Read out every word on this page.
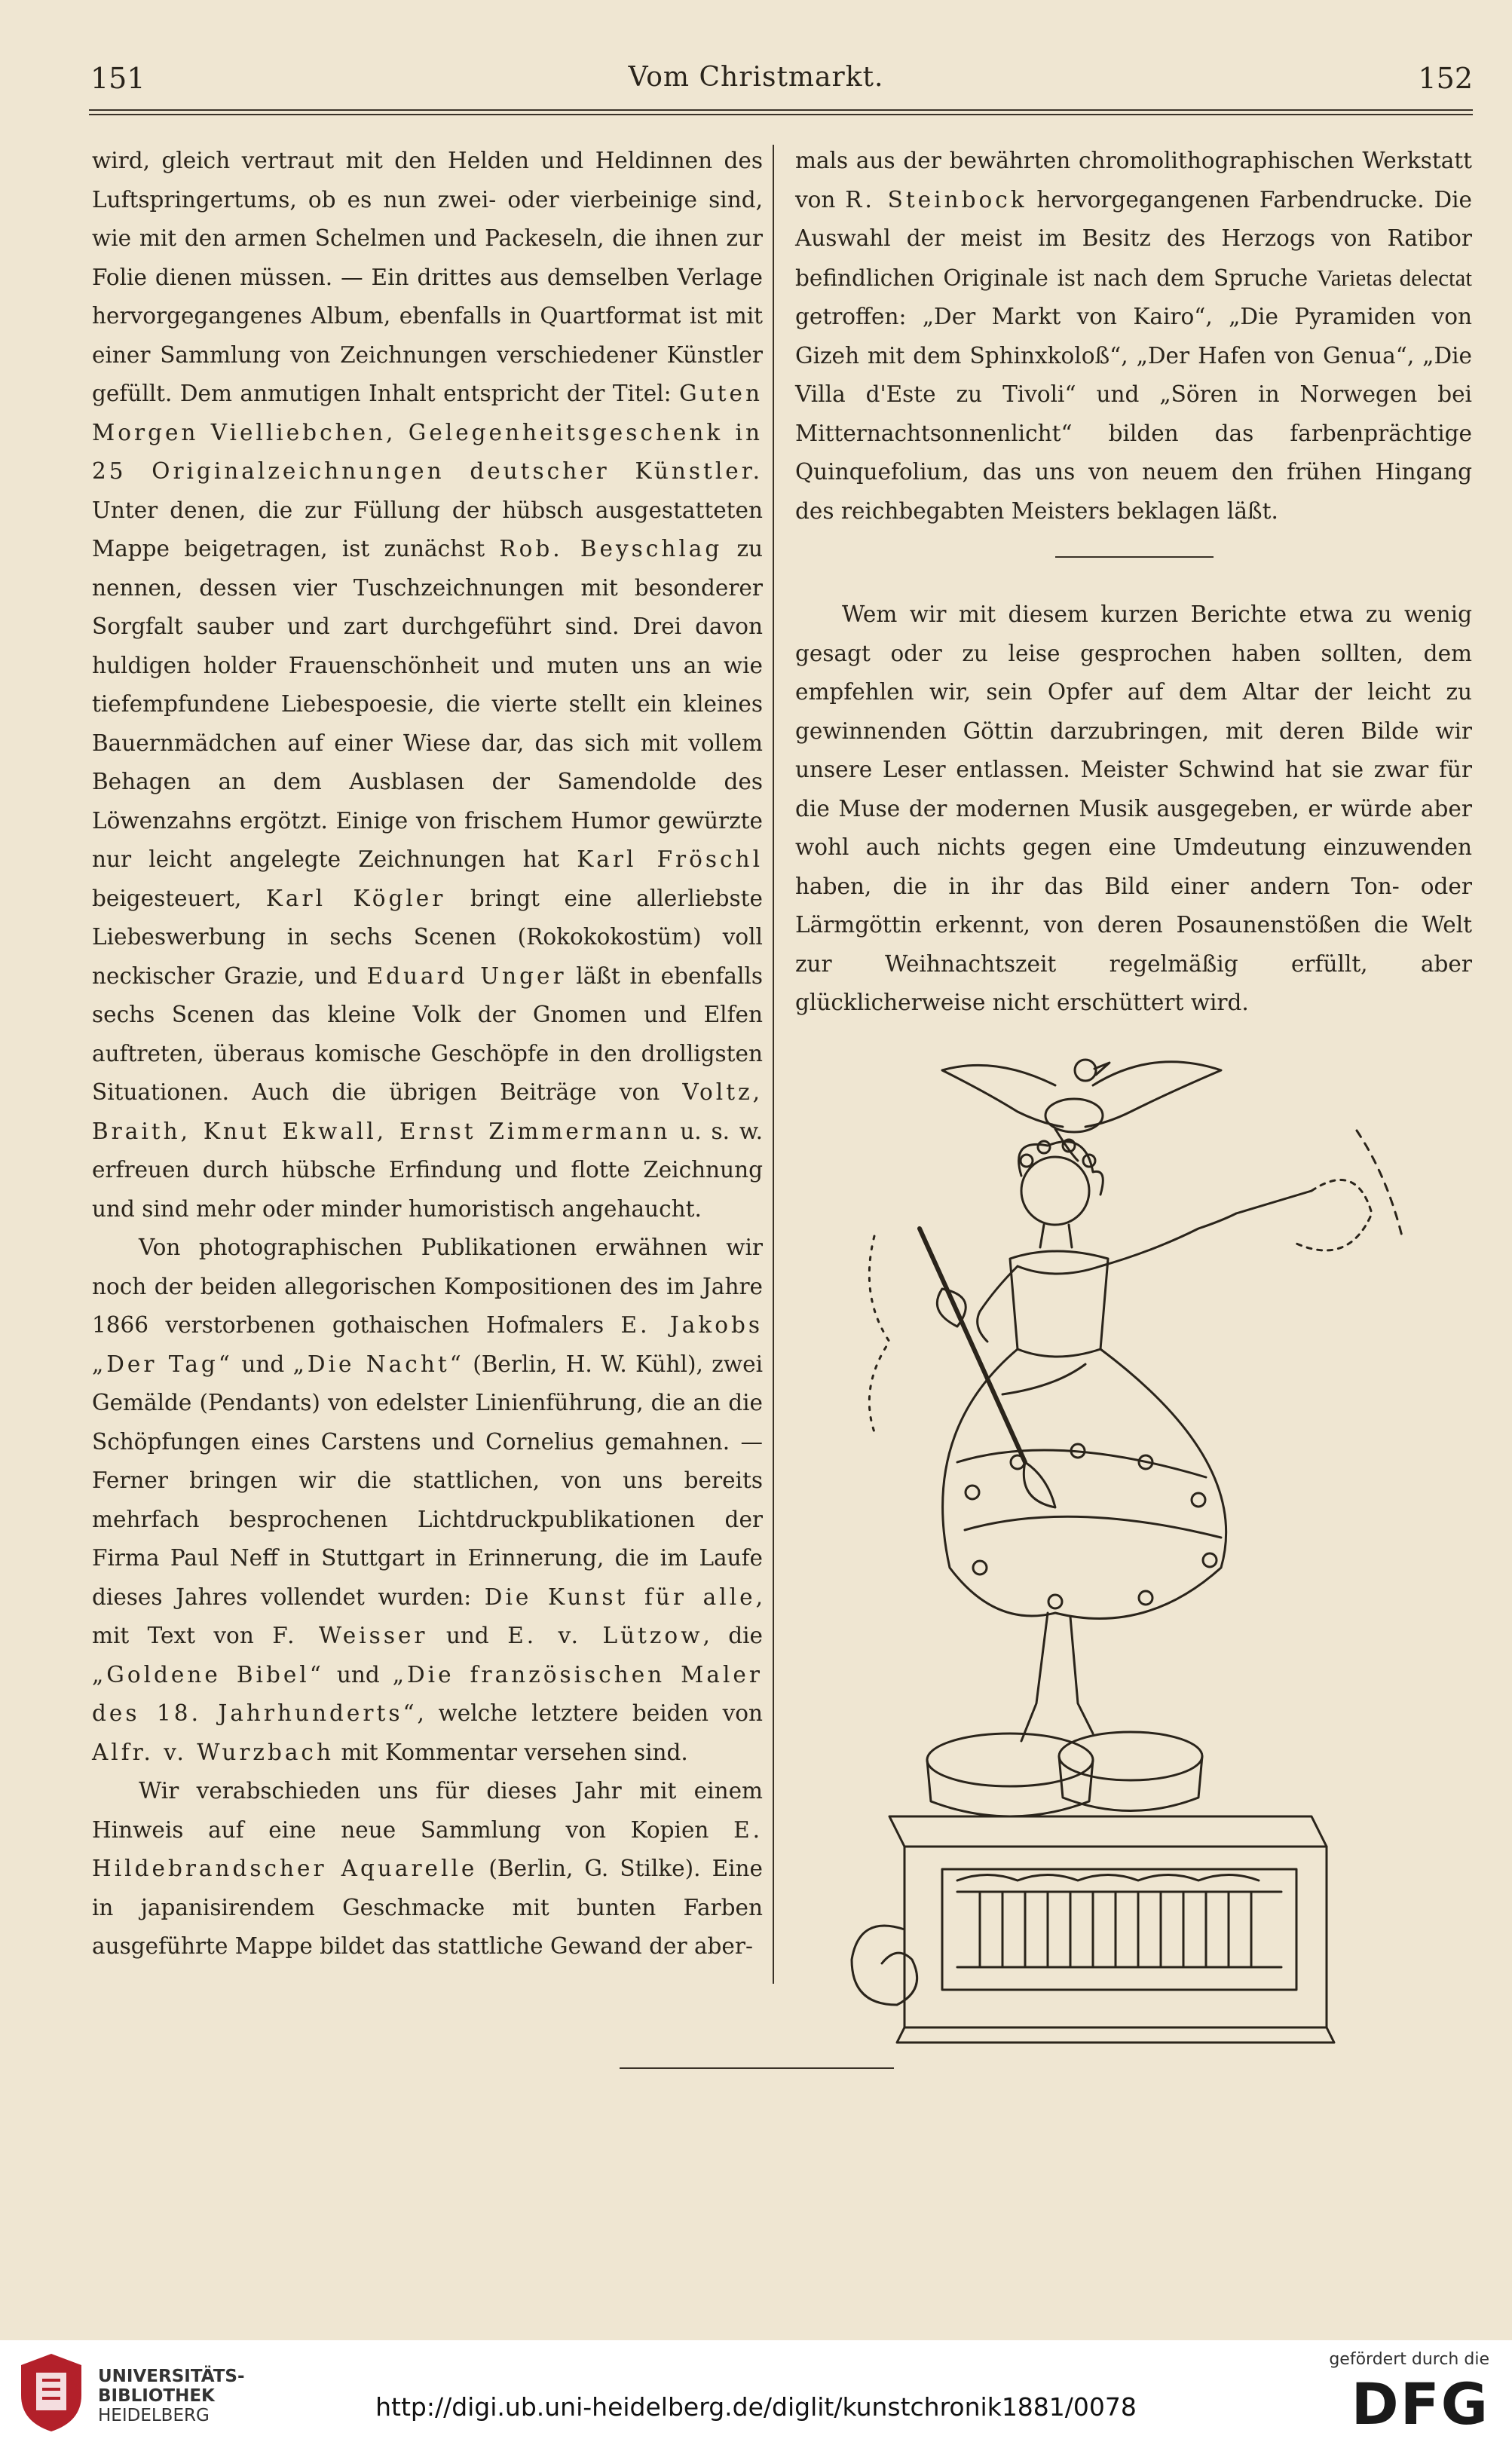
151	Vom Christmarkt.	152

wird, gleich vertraut mit den Helden und Heldinnen des Luftspringertums, ob es nun zwei- oder vierbeinige sind, wie mit den armen Schelmen und Packeseln, die ihnen zur Folie dienen müssen. — Ein drittes aus demselben Verlage hervorgegangenes Album, ebenfalls in Quartformat ist mit einer Sammlung von Zeichnungen verschiedener Künstler gefüllt. Dem anmutigen Inhalt entspricht der Titel: Guten Morgen Vielliebchen, Gelegenheitsgeschenk in 25 Originalzeichnungen deutscher Künstler. Unter denen, die zur Füllung der hübsch ausgestatteten Mappe beigetragen, ist zunächst Rob. Beyschlag zu nennen, dessen vier Tuschzeichnungen mit besonderer Sorgfalt sauber und zart durchgeführt sind. Drei davon huldigen holder Frauenschönheit und muten uns an wie tiefempfundene Liebespoesie, die vierte stellt ein kleines Bauernmädchen auf einer Wiese dar, das sich mit vollem Behagen an dem Ausblasen der Samendolde des Löwenzahns ergötzt. Einige von frischem Humor gewürzte nur leicht angelegte Zeichnungen hat Karl Fröschl beigesteuert, Karl Kögler bringt eine allerliebste Liebeswerbung in sechs Scenen (Rokokokostüm) voll neckischer Grazie, und Eduard Unger läßt in ebenfalls sechs Scenen das kleine Volk der Gnomen und Elfen auftreten, überaus komische Geschöpfe in den drolligsten Situationen. Auch die übrigen Beiträge von Voltz, Braith, Knut Ekwall, Ernst Zimmermann u. s. w. erfreuen durch hübsche Erfindung und flotte Zeichnung und sind mehr oder minder humoristisch angehaucht.

Von photographischen Publikationen erwähnen wir noch der beiden allegorischen Kompositionen des im Jahre 1866 verstorbenen gothaischen Hofmalers E. Jakobs „Der Tag“ und „Die Nacht“ (Berlin, H. W. Kühl), zwei Gemälde (Pendants) von edelster Linienführung, die an die Schöpfungen eines Carstens und Cornelius gemahnen. — Ferner bringen wir die stattlichen, von uns bereits mehrfach besprochenen Lichtdruckpublikationen der Firma Paul Neff in Stuttgart in Erinnerung, die im Laufe dieses Jahres vollendet wurden: Die Kunst für alle, mit Text von F. Weisser und E. v. Lützow, die „Goldene Bibel“ und „Die französischen Maler des 18. Jahrhunderts“, welche letztere beiden von Alfr. v. Wurzbach mit Kommentar versehen sind.

Wir verabschieden uns für dieses Jahr mit einem Hinweis auf eine neue Sammlung von Kopien E. Hildebrandscher Aquarelle (Berlin, G. Stilke). Eine in japanisirendem Geschmacke mit bunten Farben ausgeführte Mappe bildet das stattliche Gewand der aber-

mals aus der bewährten chromolithographischen Werkstatt von R. Steinbock hervorgegangenen Farbendrucke. Die Auswahl der meist im Besitz des Herzogs von Ratibor befindlichen Originale ist nach dem Spruche Varietas delectat getroffen: „Der Markt von Kairo“, „Die Pyramiden von Gizeh mit dem Sphinxkoloß“, „Der Hafen von Genua“, „Die Villa d'Este zu Tivoli“ und „Sören in Norwegen bei Mitternachtsonnenlicht“ bilden das farbenprächtige Quinquefolium, das uns von neuem den frühen Hingang des reichbegabten Meisters beklagen läßt.

Wem wir mit diesem kurzen Berichte etwa zu wenig gesagt oder zu leise gesprochen haben sollten, dem empfehlen wir, sein Opfer auf dem Altar der leicht zu gewinnenden Göttin darzubringen, mit deren Bilde wir unsere Leser entlassen. Meister Schwind hat sie zwar für die Muse der modernen Musik ausgegeben, er würde aber wohl auch nichts gegen eine Umdeutung einzuwenden haben, die in ihr das Bild einer andern Ton- oder Lärmgöttin erkennt, von deren Posaunenstößen die Welt zur Weihnachtszeit regelmäßig erfüllt, aber glücklicherweise nicht erschüttert wird.

UNIVERSITÄTS-
BIBLIOTHEK
HEIDELBERG	http://digi.ub.uni-heidelberg.de/diglit/kunstchronik1881/0078
gefördert durch die
DFG
